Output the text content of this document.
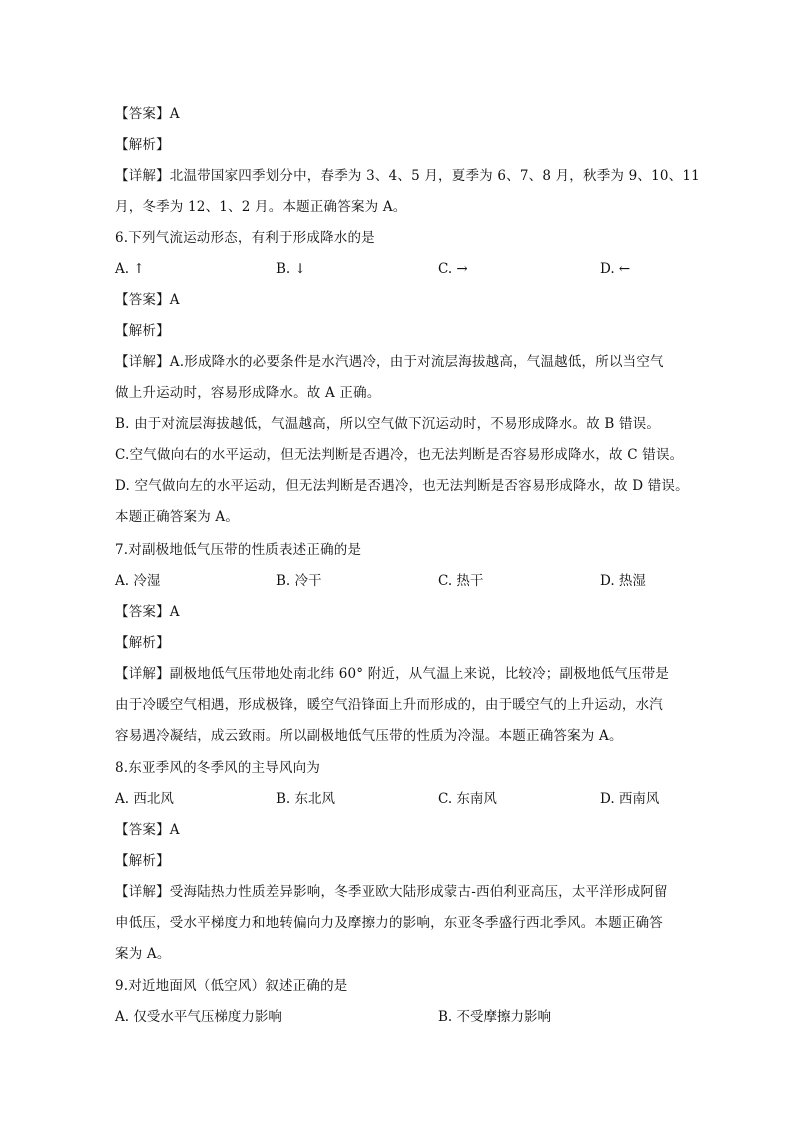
【答案】A
【解析】
【详解】北温带国家四季划分中，春季为 3、4、5 月，夏季为 6、7、8 月，秋季为 9、10、11
月，冬季为 12、1、2 月。本题正确答案为 A。
6.下列气流运动形态，有利于形成降水的是
A. ↑	B. ↓	C. →	D. ←
【答案】A
【解析】
【详解】A.形成降水的必要条件是水汽遇冷，由于对流层海拔越高，气温越低，所以当空气
做上升运动时，容易形成降水。故 A 正确。
B. 由于对流层海拔越低，气温越高，所以空气做下沉运动时，不易形成降水。故 B 错误。
C.空气做向右的水平运动，但无法判断是否遇冷，也无法判断是否容易形成降水，故 C 错误。
D. 空气做向左的水平运动，但无法判断是否遇冷，也无法判断是否容易形成降水，故 D 错误。
本题正确答案为 A。
7.对副极地低气压带的性质表述正确的是
A. 冷湿	B. 冷干	C. 热干	D. 热湿
【答案】A
【解析】
【详解】副极地低气压带地处南北纬 60° 附近，从气温上来说，比较冷；副极地低气压带是
由于冷暖空气相遇，形成极锋，暖空气沿锋面上升而形成的，由于暖空气的上升运动，水汽
容易遇冷凝结，成云致雨。所以副极地低气压带的性质为冷湿。本题正确答案为 A。
8.东亚季风的冬季风的主导风向为
A. 西北风	B. 东北风	C. 东南风	D. 西南风
【答案】A
【解析】
【详解】受海陆热力性质差异影响，冬季亚欧大陆形成蒙古-西伯利亚高压，太平洋形成阿留
申低压，受水平梯度力和地转偏向力及摩擦力的影响，东亚冬季盛行西北季风。本题正确答
案为 A。
9.对近地面风（低空风）叙述正确的是
A. 仅受水平气压梯度力影响	B. 不受摩擦力影响
